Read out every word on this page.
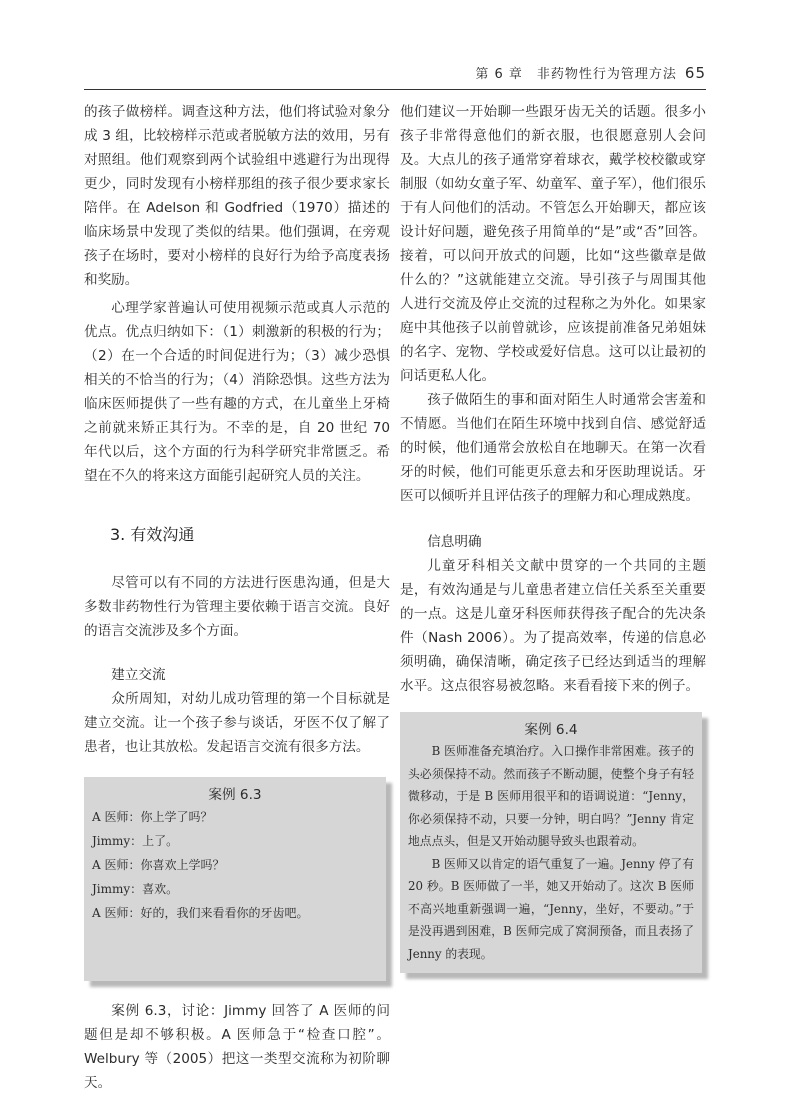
第 6 章　非药物性行为管理方法 65

的孩子做榜样。调查这种方法，他们将试验对象分成 3 组，比较榜样示范或者脱敏方法的效用，另有对照组。他们观察到两个试验组中逃避行为出现得更少，同时发现有小榜样那组的孩子很少要求家长陪伴。在 Adelson 和 Godfried（1970）描述的临床场景中发现了类似的结果。他们强调，在旁观孩子在场时，要对小榜样的良好行为给予高度表扬和奖励。

心理学家普遍认可使用视频示范或真人示范的优点。优点归纳如下：（1）刺激新的积极的行为；（2）在一个合适的时间促进行为；（3）减少恐惧相关的不恰当的行为；（4）消除恐惧。这些方法为临床医师提供了一些有趣的方式，在儿童坐上牙椅之前就来矫正其行为。不幸的是，自 20 世纪 70 年代以后，这个方面的行为科学研究非常匮乏。希望在不久的将来这方面能引起研究人员的关注。

3. 有效沟通

尽管可以有不同的方法进行医患沟通，但是大多数非药物性行为管理主要依赖于语言交流。良好的语言交流涉及多个方面。

建立交流

众所周知，对幼儿成功管理的第一个目标就是建立交流。让一个孩子参与谈话，牙医不仅了解了患者，也让其放松。发起语言交流有很多方法。

案例 6.3
A 医师：你上学了吗？
Jimmy：上了。
A 医师：你喜欢上学吗？
Jimmy：喜欢。
A 医师：好的，我们来看看你的牙齿吧。

案例 6.3，讨论：Jimmy 回答了 A 医师的问题但是却不够积极。A 医师急于“检查口腔”。Welbury 等（2005）把这一类型交流称为初阶聊天。

他们建议一开始聊一些跟牙齿无关的话题。很多小孩子非常得意他们的新衣服，也很愿意别人会问及。大点儿的孩子通常穿着球衣，戴学校校徽或穿制服（如幼女童子军、幼童军、童子军），他们很乐于有人问他们的活动。不管怎么开始聊天，都应该设计好问题，避免孩子用简单的“是”或“否”回答。接着，可以问开放式的问题，比如“这些徽章是做什么的？”这就能建立交流。导引孩子与周围其他人进行交流及停止交流的过程称之为外化。如果家庭中其他孩子以前曾就诊，应该提前准备兄弟姐妹的名字、宠物、学校或爱好信息。这可以让最初的问话更私人化。

孩子做陌生的事和面对陌生人时通常会害羞和不情愿。当他们在陌生环境中找到自信、感觉舒适的时候，他们通常会放松自在地聊天。在第一次看牙的时候，他们可能更乐意去和牙医助理说话。牙医可以倾听并且评估孩子的理解力和心理成熟度。

信息明确

儿童牙科相关文献中贯穿的一个共同的主题是，有效沟通是与儿童患者建立信任关系至关重要的一点。这是儿童牙科医师获得孩子配合的先决条件（Nash 2006）。为了提高效率，传递的信息必须明确，确保清晰，确定孩子已经达到适当的理解水平。这点很容易被忽略。来看看接下来的例子。

案例 6.4

B 医师准备充填治疗。入口操作非常困难。孩子的头必须保持不动。然而孩子不断动腿，使整个身子有轻微移动，于是 B 医师用很平和的语调说道：“Jenny，你必须保持不动，只要一分钟，明白吗？”Jenny 肯定地点点头，但是又开始动腿导致头也跟着动。

B 医师又以肯定的语气重复了一遍。Jenny 停了有 20 秒。B 医师做了一半，她又开始动了。这次 B 医师不高兴地重新强调一遍，“Jenny，坐好，不要动。”于是没再遇到困难，B 医师完成了窝洞预备，而且表扬了 Jenny 的表现。
